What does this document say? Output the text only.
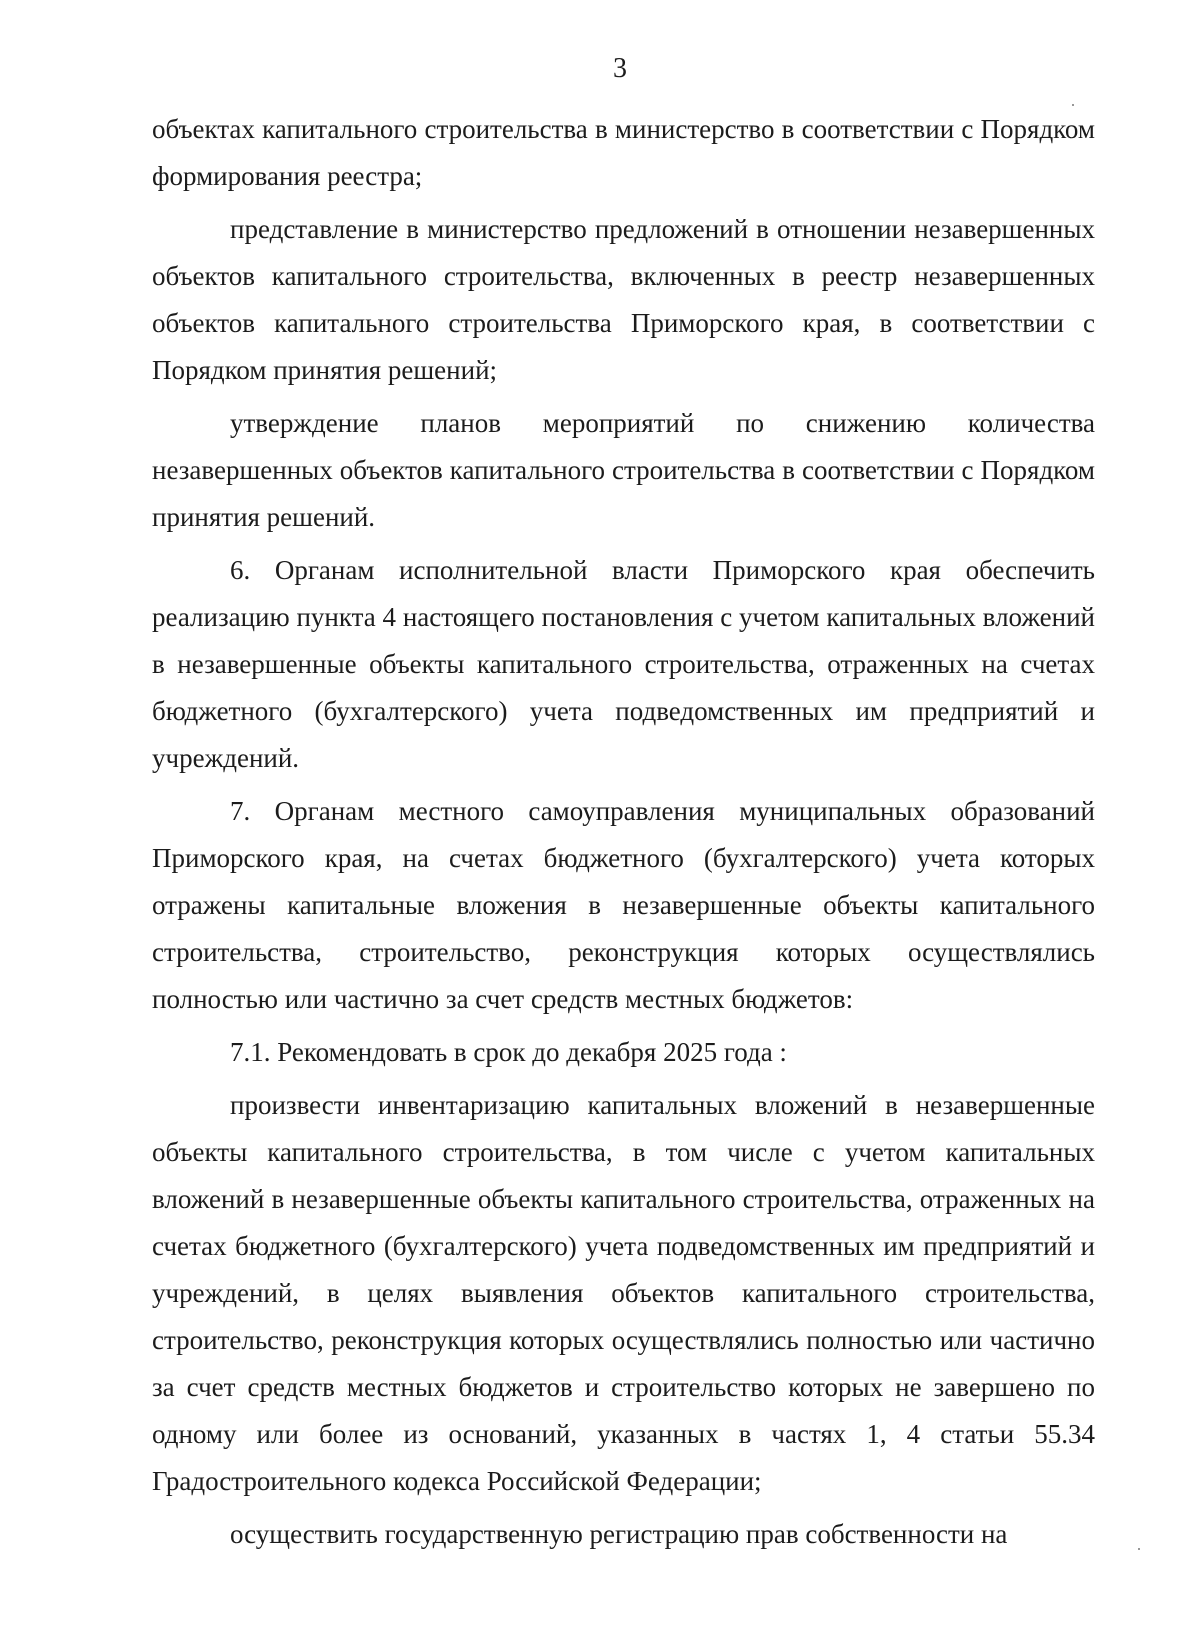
3

объектах капитального строительства в министерство в соответствии с Порядком формирования реестра;

представление в министерство предложений в отношении незавершенных объектов капитального строительства, включенных в реестр незавершенных объектов капитального строительства Приморского края, в соответствии с Порядком принятия решений;

утверждение планов мероприятий по снижению количества незавершенных объектов капитального строительства в соответствии с Порядком принятия решений.

6. Органам исполнительной власти Приморского края обеспечить реализацию пункта 4 настоящего постановления с учетом капитальных вложений в незавершенные объекты капитального строительства, отраженных на счетах бюджетного (бухгалтерского) учета подведомственных им предприятий и учреждений.

7. Органам местного самоуправления муниципальных образований Приморского края, на счетах бюджетного (бухгалтерского) учета которых отражены капитальные вложения в незавершенные объекты капитального строительства, строительство, реконструкция которых осуществлялись полностью или частично за счет средств местных бюджетов:

7.1. Рекомендовать в срок до декабря 2025 года :

произвести инвентаризацию капитальных вложений в незавершенные объекты капитального строительства, в том числе с учетом капитальных вложений в незавершенные объекты капитального строительства, отраженных на счетах бюджетного (бухгалтерского) учета подведомственных им предприятий и учреждений, в целях выявления объектов капитального строительства, строительство, реконструкция которых осуществлялись полностью или частично за счет средств местных бюджетов и строительство которых не завершено по одному или более из оснований, указанных в частях 1, 4 статьи 55.34 Градостроительного кодекса Российской Федерации;

осуществить государственную регистрацию прав собственности на
